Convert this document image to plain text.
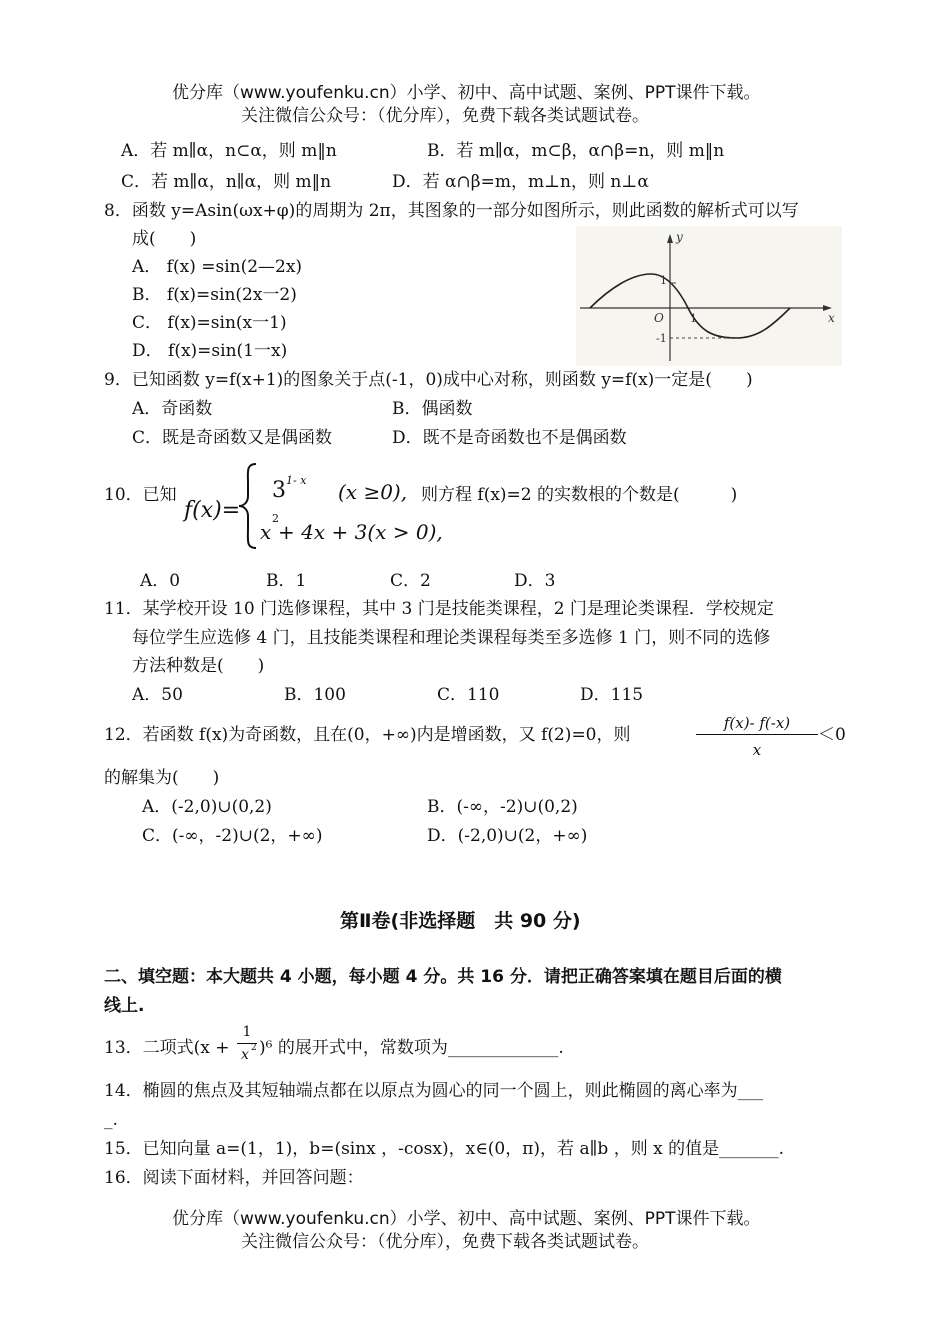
优分库（www.youfenku.cn）小学、初中、高中试题、案例、PPT课件下载。
关注微信公众号：（优分库），免费下载各类试题试卷。
A．若 m∥α，n⊂α，则 m‖n	B．若 m∥α，m⊂β，α∩β=n，则 m‖n
C．若 m∥α，n∥α，则 m‖n	D．若 α∩β=m，m⊥n，则 n⊥α
8．函数 y=Asin(ωx+φ)的周期为 2π，其图象的一部分如图所示，则此函数的解析式可以写
成(　　)
A． f(x) =sin(2—2x)
B． f(x)=sin(2x一2)
C． f(x)=sin(x一1)
D． f(x)=sin(1一x)
y
x
O 1
1
-1
9．已知函数 y=f(x+1)的图象关于点(-1，0)成中心对称，则函数 y=f(x)一定是(　　)
A．奇函数	B．偶函数
C．既是奇函数又是偶函数	D．既不是奇函数也不是偶函数
10．已知
f(x)=
3 1- x (x ≥0),
x
2
+ 4x + 3(x > 0),
则方程 f(x)=2 的实数根的个数是(　　　)
A．0	B．1	C．2	D．3
11．某学校开设 10 门选修课程，其中 3 门是技能类课程，2 门是理论类课程．学校规定
每位学生应选修 4 门，且技能类课程和理论类课程每类至多选修 1 门，则不同的选修
方法种数是(　　)
A．50	B．100	C．110	D．115
12．若函数 f(x)为奇函数，且在(0，+∞)内是增函数，又 f(2)=0，则
f(x)- f(-x)
x
＜0
的解集为(　　)
A．(-2,0)∪(0,2)	B．(-∞，-2)∪(0,2)
C．(-∞，-2)∪(2，+∞)	D．(-2,0)∪(2，+∞)
第Ⅱ卷(非选择题　共 90 分)
二、填空题：本大题共 4 小题，每小题 4 分。共 16 分．请把正确答案填在题目后面的横
线上.
13．二项式(x +
1
x 2 )⁶ 的展开式中，常数项为_____________.
14．椭圆的焦点及其短轴端点都在以原点为圆心的同一个圆上，则此椭圆的离心率为___
_.
15．已知向量 a=(1，1)，b=(sinx ，-cosx)，x∈(0，π)，若 a∥b ，则 x 的值是_______.
16．阅读下面材料，并回答问题：
优分库（www.youfenku.cn）小学、初中、高中试题、案例、PPT课件下载。
关注微信公众号：（优分库），免费下载各类试题试卷。
